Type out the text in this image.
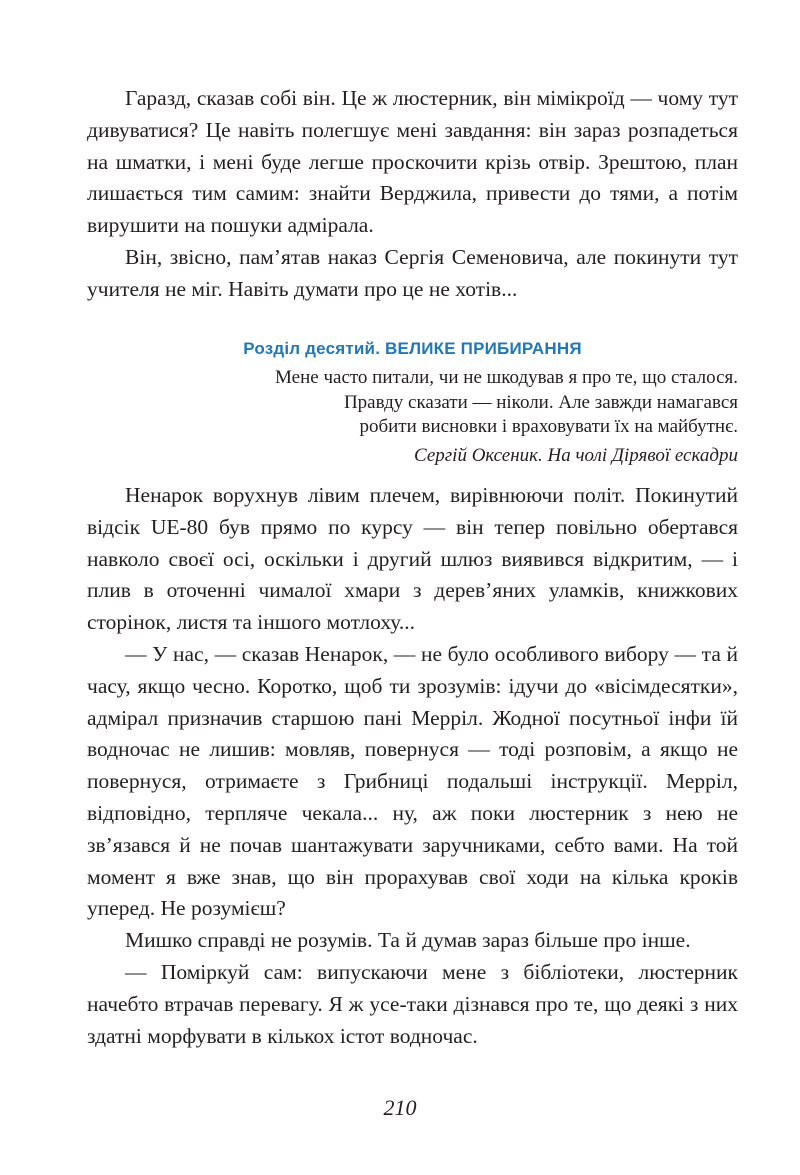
Гаразд, сказав собі він. Це ж люстерник, він мімікроїд — чому тут дивуватися? Це навіть полегшує мені завдання: він зараз розпадеться на шматки, і мені буде легше проскочити крізь отвір. Зрештою, план лишається тим самим: знайти Верджила, привести до тями, а потім вирушити на пошуки адмірала.

Він, звісно, пам’ятав наказ Сергія Семеновича, але покинути тут учителя не міг. Навіть думати про це не хотів...

Розділ десятий. ВЕЛИКЕ ПРИБИРАННЯ
Мене часто питали, чи не шкодував я про те, що сталося.
Правду сказати — ніколи. Але завжди намагався
робити висновки і враховувати їх на майбутнє.
Сергій Оксеник. На чолі Дірявої ескадри

Ненарок ворухнув лівим плечем, вирівнюючи політ. Покинутий відсік UE-80 був прямо по курсу — він тепер повільно обертався навколо своєї осі, оскільки і другий шлюз виявився відкритим, — і плив в оточенні чималої хмари з дерев’яних уламків, книжкових сторінок, листя та іншого мотлоху...

— У нас, — сказав Ненарок, — не було особливого вибору — та й часу, якщо чесно. Коротко, щоб ти зрозумів: ідучи до «вісімдесятки», адмірал призначив старшою пані Мерріл. Жодної посутньої інфи їй водночас не лишив: мовляв, повернуся — тоді розповім, а якщо не повернуся, отримаєте з Грибниці подальші інструкції. Мерріл, відповідно, терпляче чекала... ну, аж поки люстерник з нею не зв’язався й не почав шантажувати заручниками, себто вами. На той момент я вже знав, що він прорахував свої ходи на кілька кроків уперед. Не розумієш?

Мишко справді не розумів. Та й думав зараз більше про інше.

— Поміркуй сам: випускаючи мене з бібліотеки, люстерник начебто втрачав перевагу. Я ж усе-таки дізнався про те, що деякі з них здатні морфувати в кількох істот водночас.

210
